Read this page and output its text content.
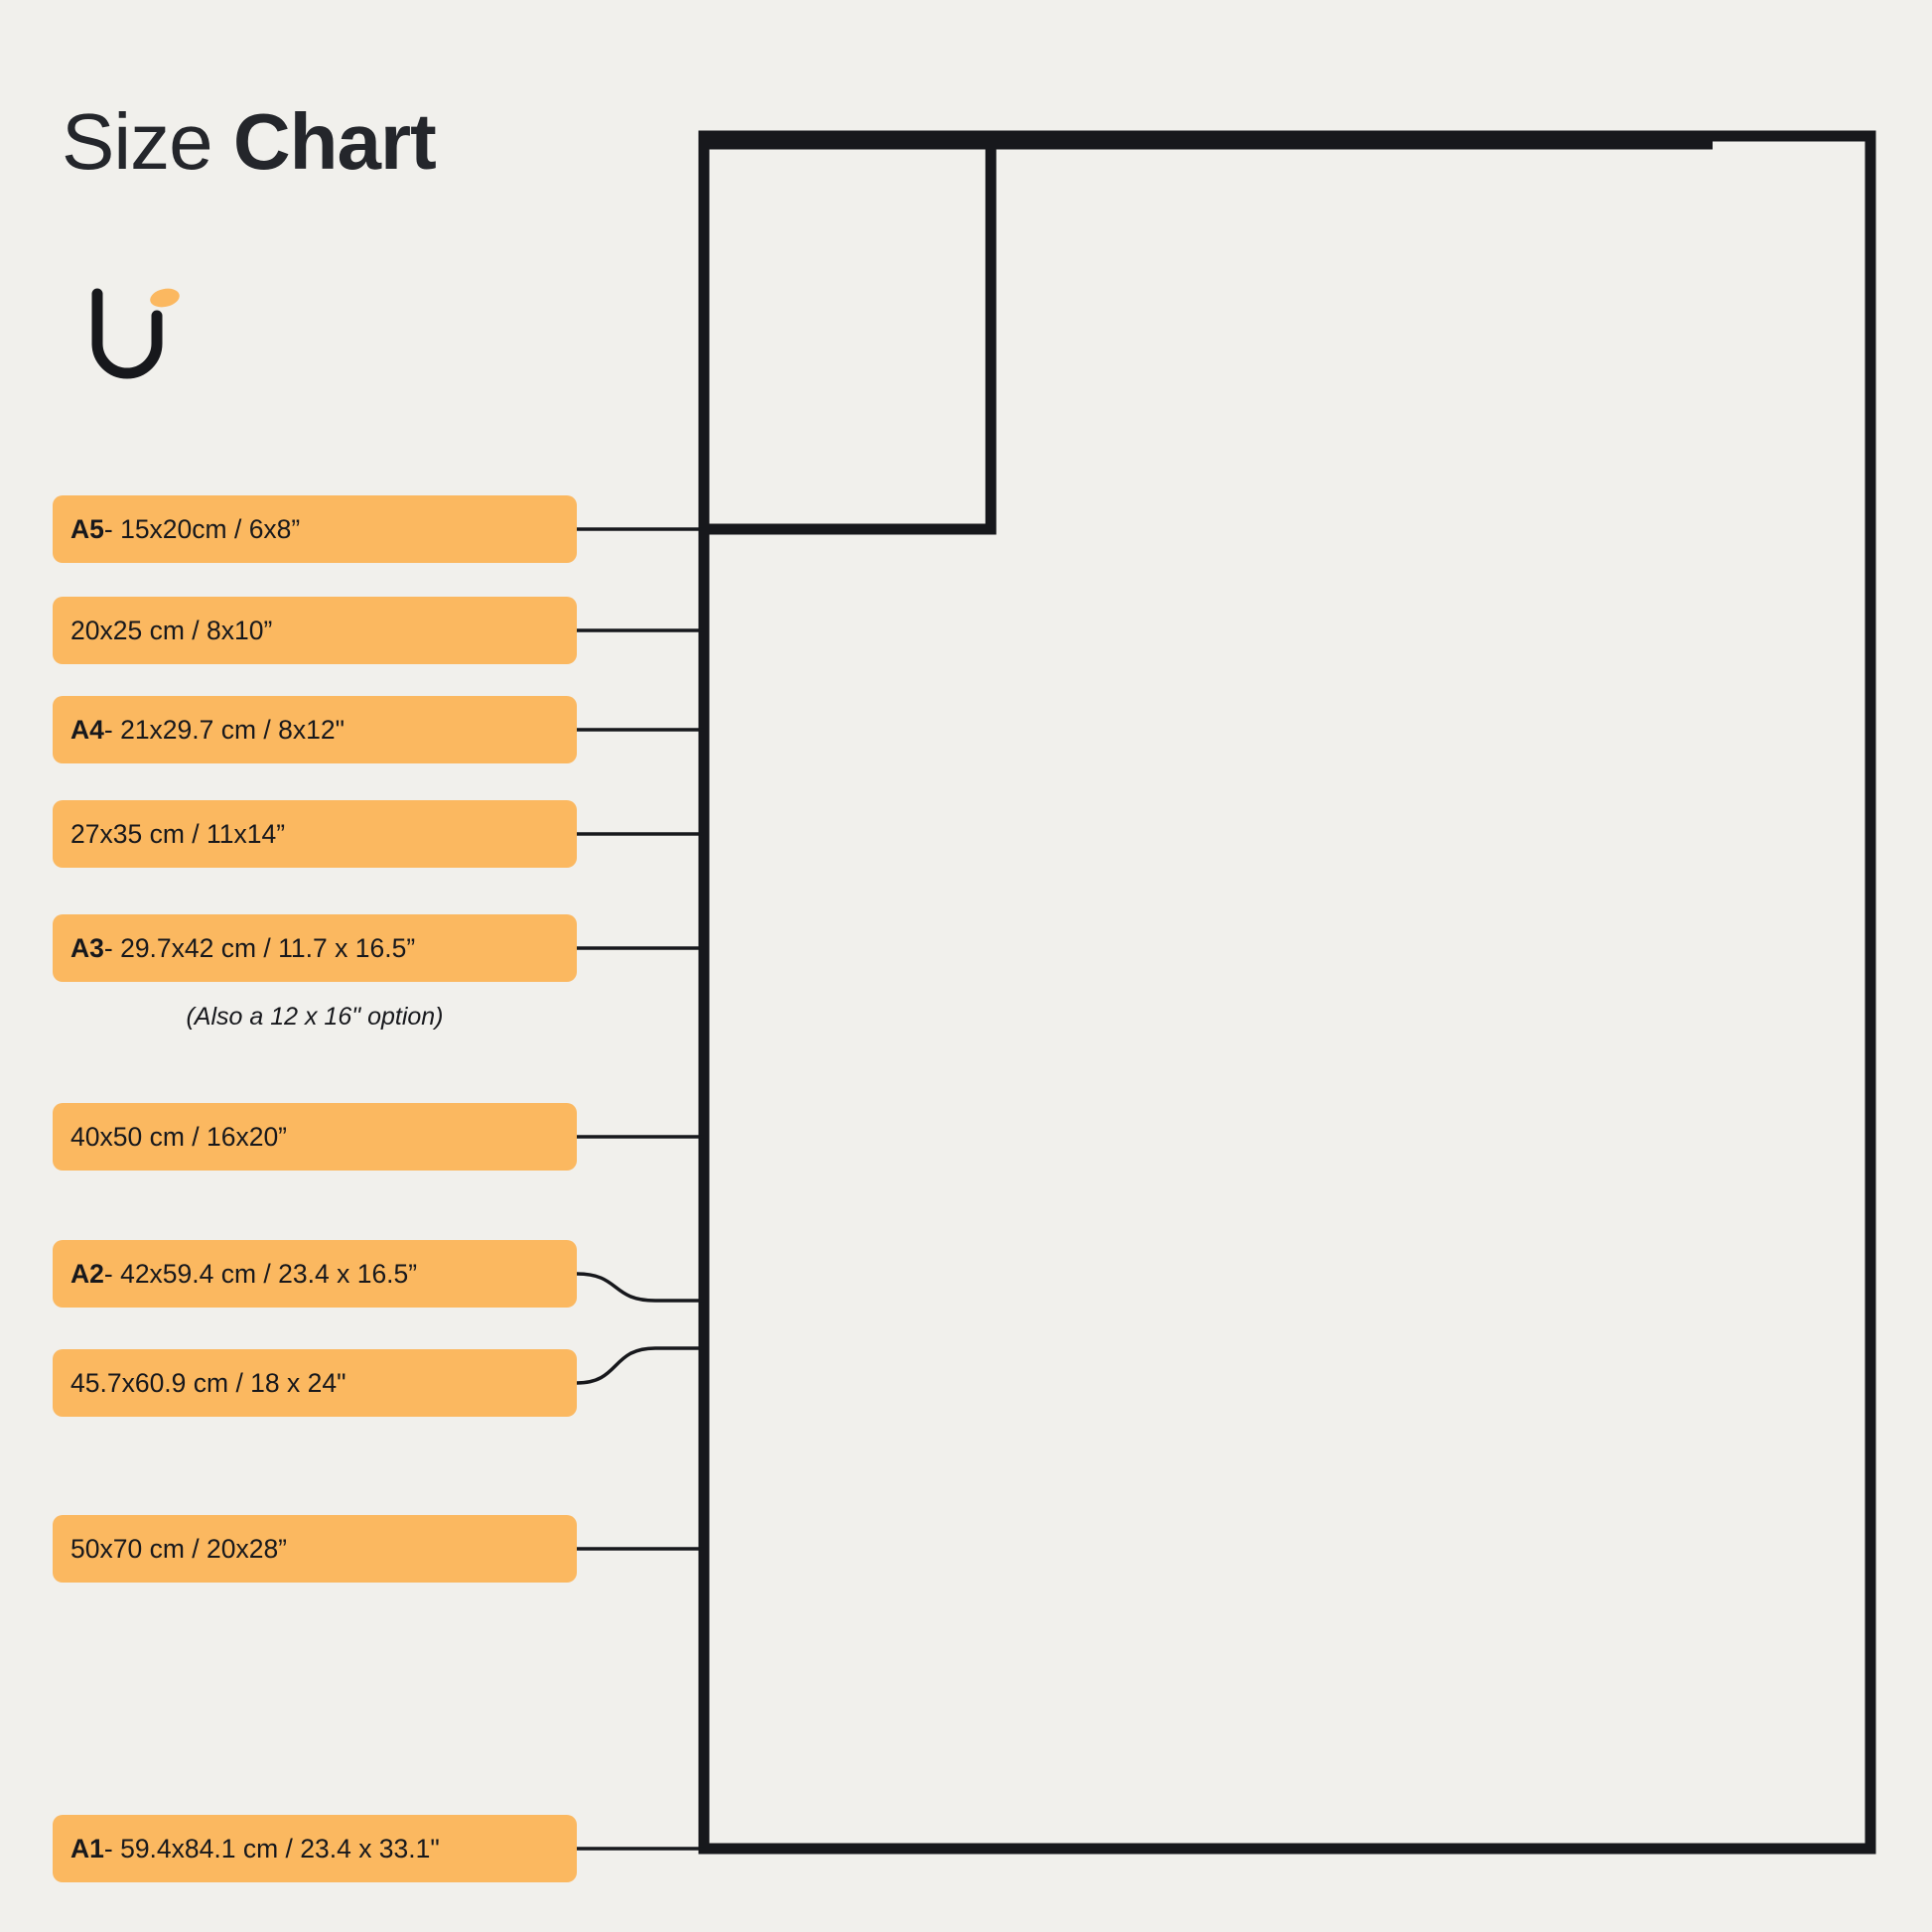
Size Chart
A5 - 15x20cm / 6x8”
20x25 cm / 8x10”
A4 - 21x29.7 cm / 8x12"
27x35 cm / 11x14”
A3 - 29.7x42 cm / 11.7 x 16.5”
(Also a 12 x 16" option)
40x50 cm / 16x20”
A2 - 42x59.4 cm / 23.4 x 16.5”
45.7x60.9 cm / 18 x 24"
50x70 cm / 20x28”
A1 - 59.4x84.1 cm / 23.4 x 33.1"
